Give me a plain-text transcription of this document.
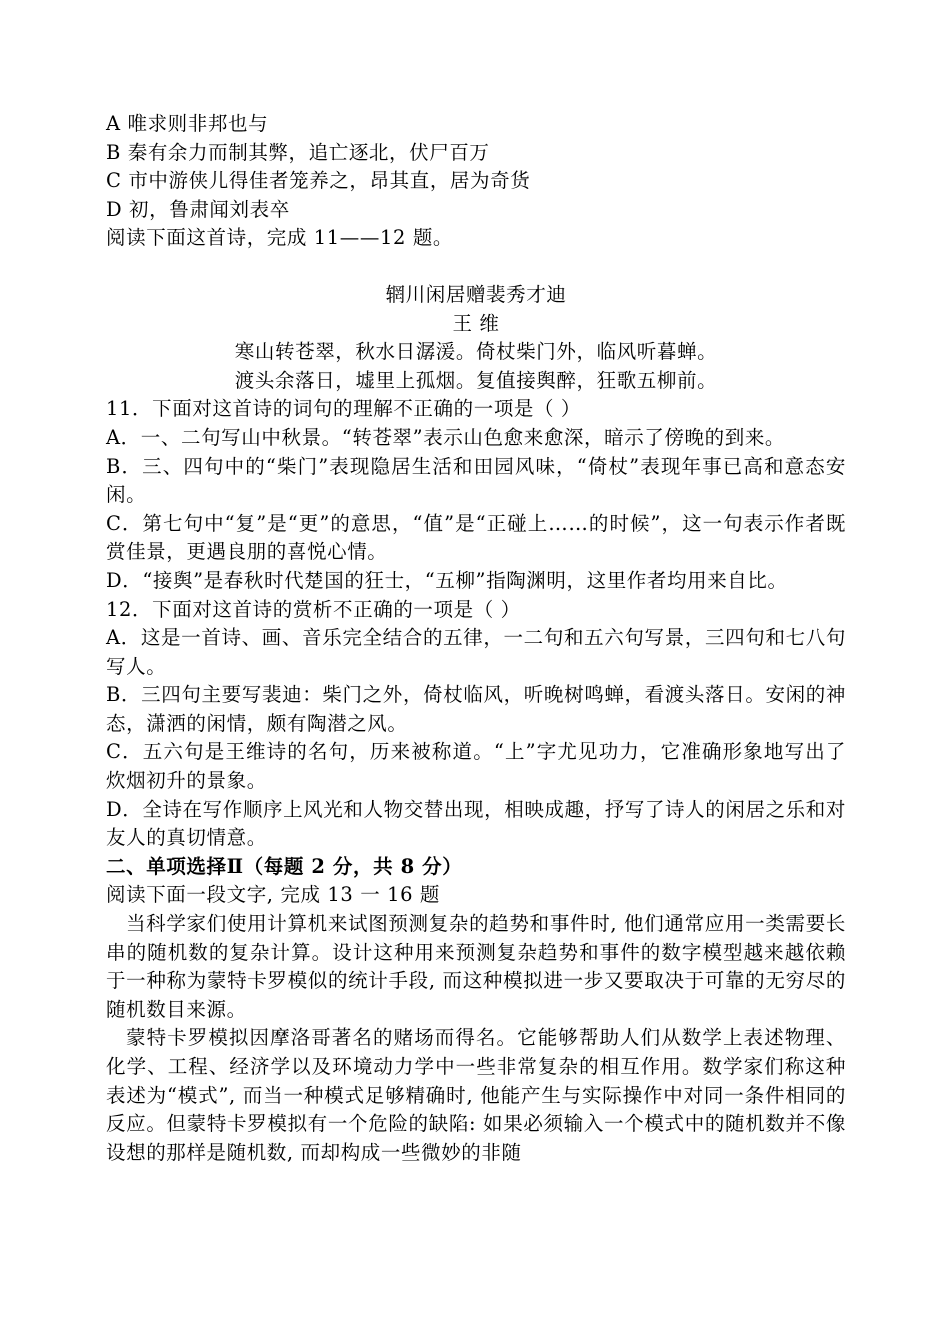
A 唯求则非邦也与
B 秦有余力而制其弊，追亡逐北，伏尸百万
C 市中游侠儿得佳者笼养之，昂其直，居为奇货
D 初，鲁肃闻刘表卒
阅读下面这首诗，完成 11——12 题。
辋川闲居赠裴秀才迪
王 维
寒山转苍翠，秋水日潺湲。倚杖柴门外，临风听暮蝉。
渡头余落日，墟里上孤烟。复值接舆醉，狂歌五柳前。
11．下面对这首诗的词句的理解不正确的一项是（ ）
A．一、二句写山中秋景。“转苍翠”表示山色愈来愈深，暗示了傍晚的到来。
B．三、四句中的“柴门”表现隐居生活和田园风味，“倚杖”表现年事已高和意态安闲。
C．第七句中“复”是“更”的意思，“值”是“正碰上……的时候”，这一句表示作者既赏佳景，更遇良朋的喜悦心情。
D．“接舆”是春秋时代楚国的狂士，“五柳”指陶渊明，这里作者均用来自比。
12．下面对这首诗的赏析不正确的一项是（ ）
A．这是一首诗、画、音乐完全结合的五律，一二句和五六句写景，三四句和七八句写人。
B．三四句主要写裴迪：柴门之外，倚杖临风，听晚树鸣蝉，看渡头落日。安闲的神态，潇洒的闲情，颇有陶潜之风。
C．五六句是王维诗的名句，历来被称道。“上”字尤见功力，它准确形象地写出了炊烟初升的景象。
D．全诗在写作顺序上风光和人物交替出现，相映成趣，抒写了诗人的闲居之乐和对友人的真切情意。
二、单项选择Ⅱ（每题 2 分，共 8 分）
阅读下面一段文字, 完成 13 一 16 题
当科学家们使用计算机来试图预测复杂的趋势和事件时, 他们通常应用一类需要长串的随机数的复杂计算。设计这种用来预测复杂趋势和事件的数字模型越来越依赖于一种称为蒙特卡罗模似的统计手段, 而这种模拟进一步又要取决于可靠的无穷尽的随机数目来源。
蒙特卡罗模拟因摩洛哥著名的赌场而得名。它能够帮助人们从数学上表述物理、化学、工程、经济学以及环境动力学中一些非常复杂的相互作用。数学家们称这种表述为“模式”, 而当一种模式足够精确时, 他能产生与实际操作中对同一条件相同的反应。但蒙特卡罗模拟有一个危险的缺陷: 如果必须输入一个模式中的随机数并不像设想的那样是随机数, 而却构成一些微妙的非随
